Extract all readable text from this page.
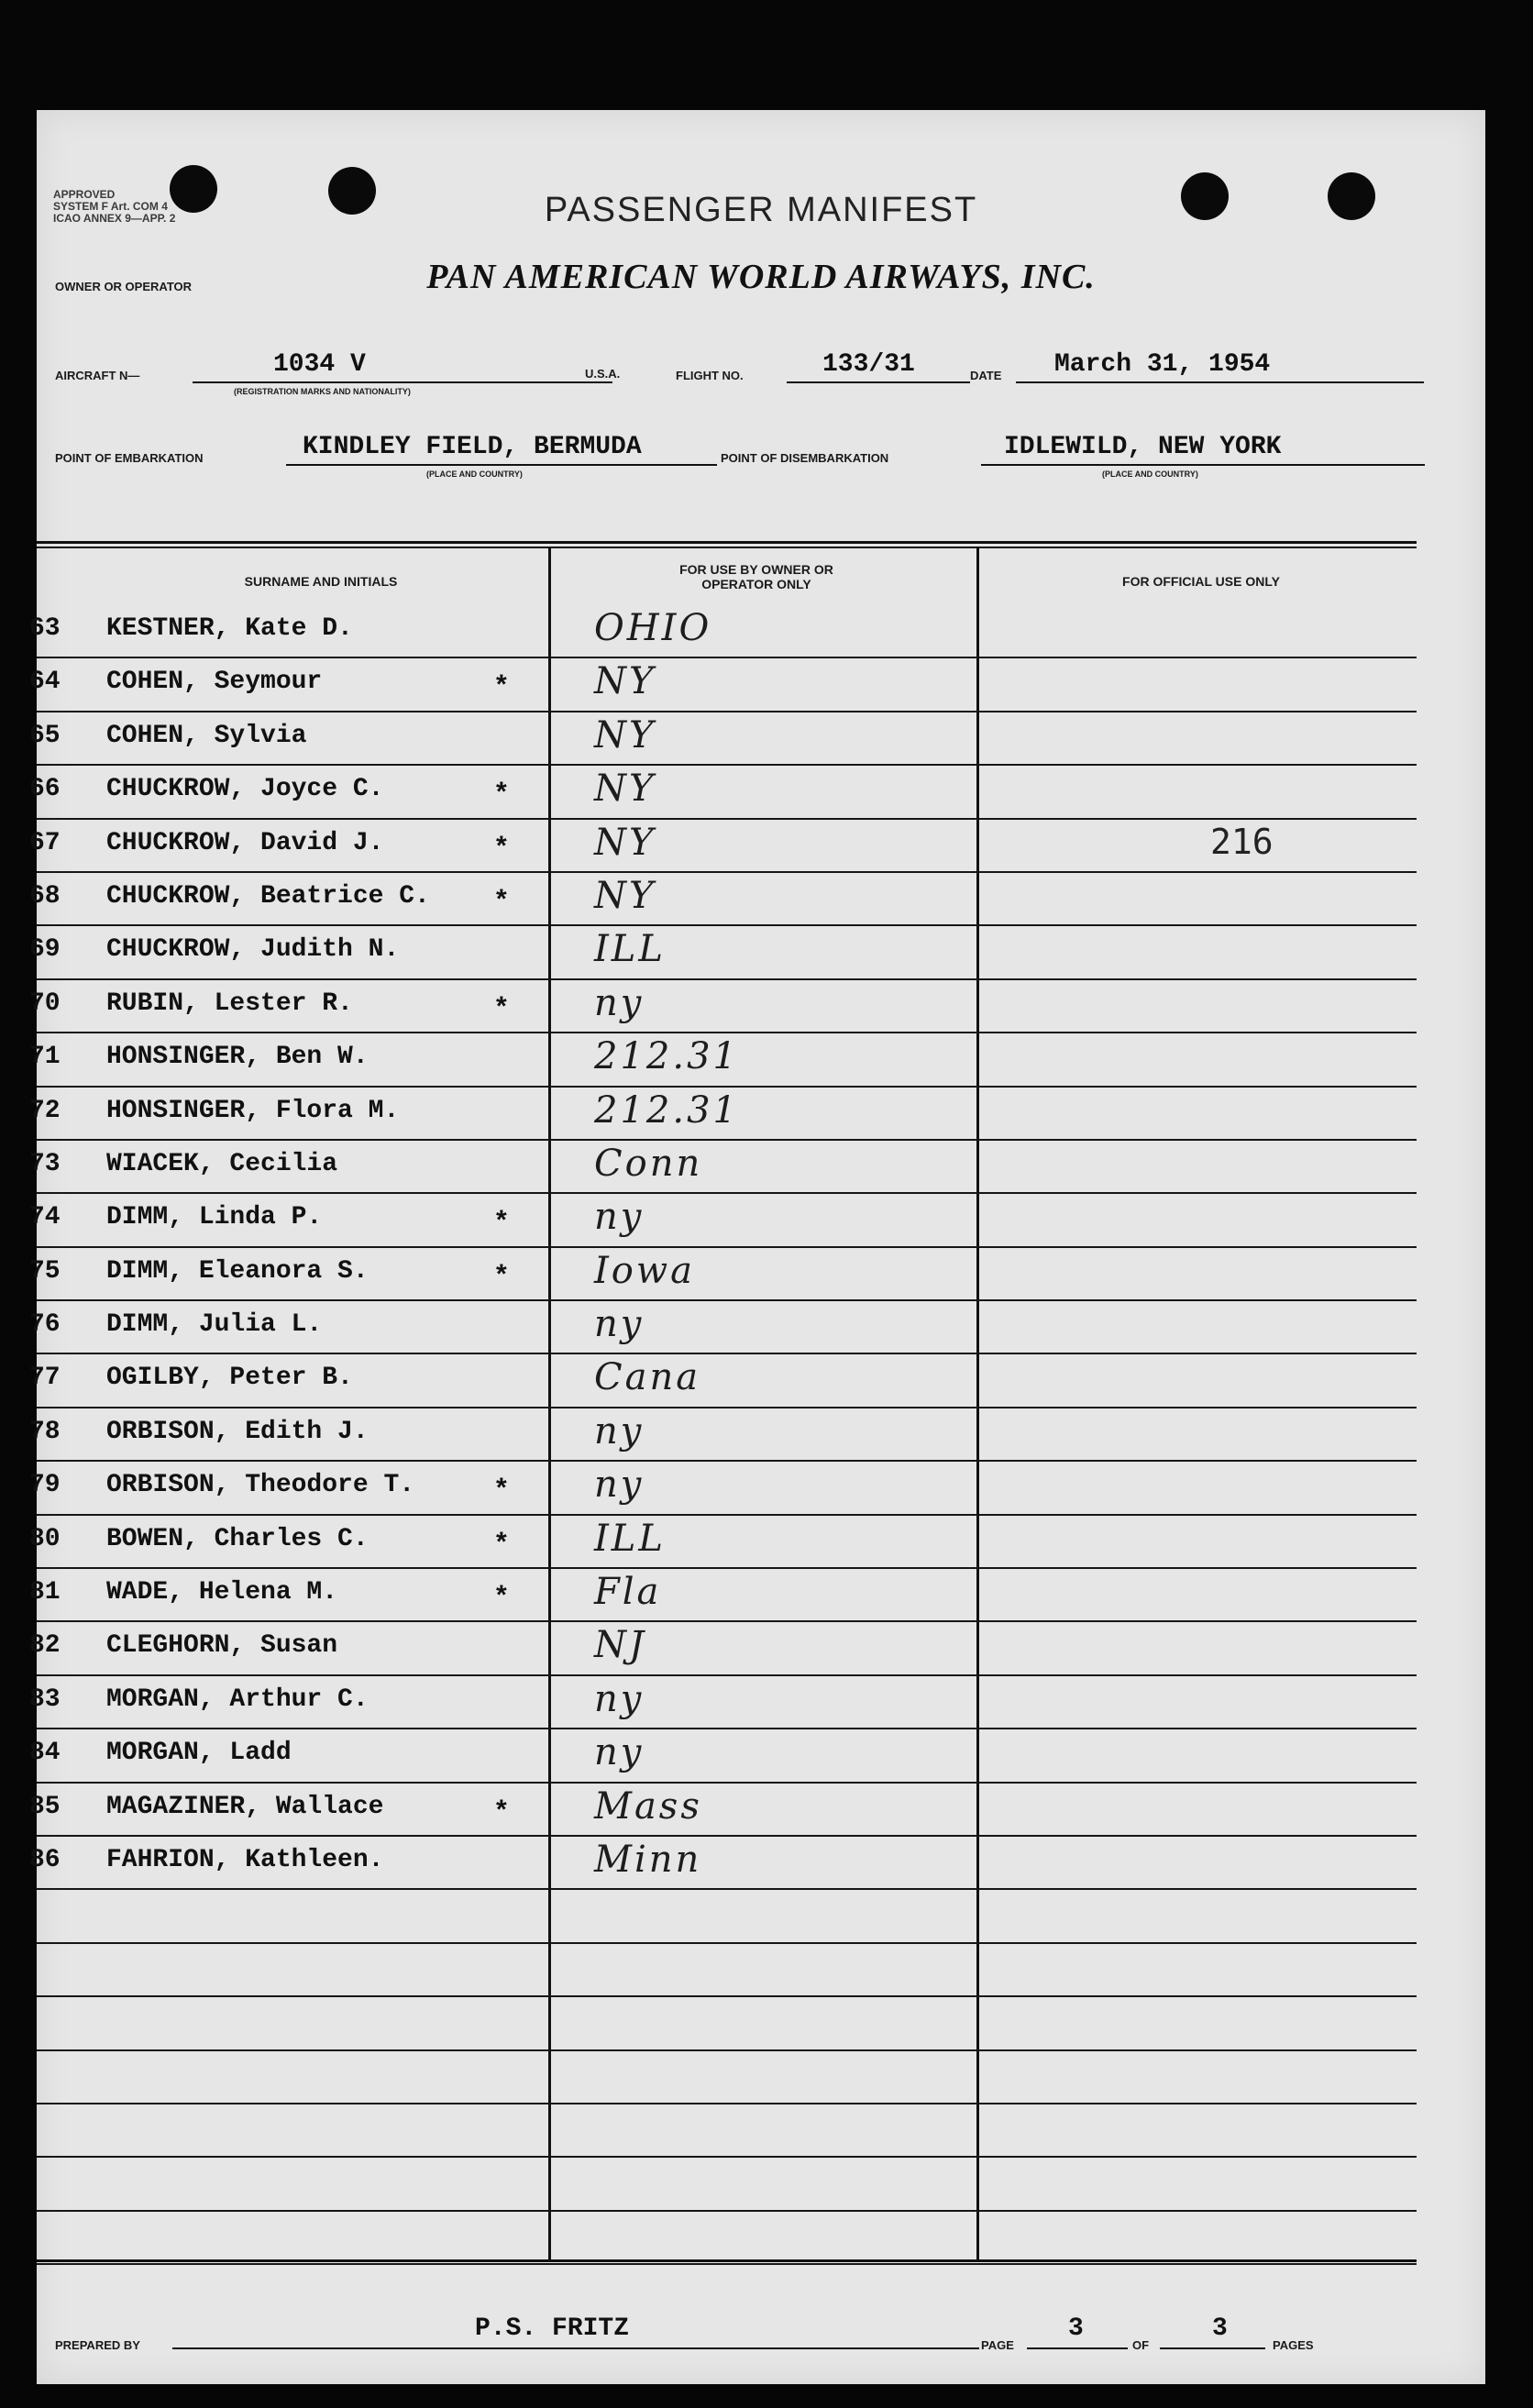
APPROVED
SYSTEM F Art. COM 4
ICAO ANNEX 9—APP. 2	PASSENGER MANIFEST
OWNER OR OPERATOR	PAN AMERICAN WORLD AIRWAYS, INC.
AIRCRAFT N—	1034 V
(REGISTRATION MARKS AND NATIONALITY)
U.S.A.	FLIGHT NO.	133/31	DATE March 31, 1954
POINT OF EMBARKATION	KINDLEY FIELD, BERMUDA
(PLACE AND COUNTRY)
POINT OF DISEMBARKATION	IDLEWILD, NEW YORK
(PLACE AND COUNTRY)
SURNAME AND INITIALS
FOR USE BY OWNER OR OPERATOR ONLY	FOR OFFICIAL USE ONLY
63 KESTNER, Kate D.	OHIO
64 COHEN, Seymour	* NY
65 COHEN, Sylvia	NY
66 CHUCKROW, Joyce C.	* NY
67 CHUCKROW, David J.	* NY	216
68 CHUCKROW, Beatrice C. * NY
69 CHUCKROW, Judith N.	ILL
70 RUBIN, Lester R.	* ny
71 HONSINGER, Ben W.	212.31
72 HONSINGER, Flora M.	212.31
73 WIACEK, Cecilia	Conn
74 DIMM, Linda P.	* ny
75 DIMM, Eleanora S.	* Iowa
76 DIMM, Julia L.	ny
77 OGILBY, Peter B.	Cana
78 ORBISON, Edith J.	ny
79 ORBISON, Theodore T.	* ny
80 BOWEN, Charles C.	* ILL
81 WADE, Helena M.	* Fla
82 CLEGHORN, Susan	NJ
83 MORGAN, Arthur C.	ny
84 MORGAN, Ladd	ny
85 MAGAZINER, Wallace	* Mass
86 FAHRION, Kathleen.	Minn
PREPARED BY
P.S. FRITZ
PAGE
3
OF
3
PAGES
